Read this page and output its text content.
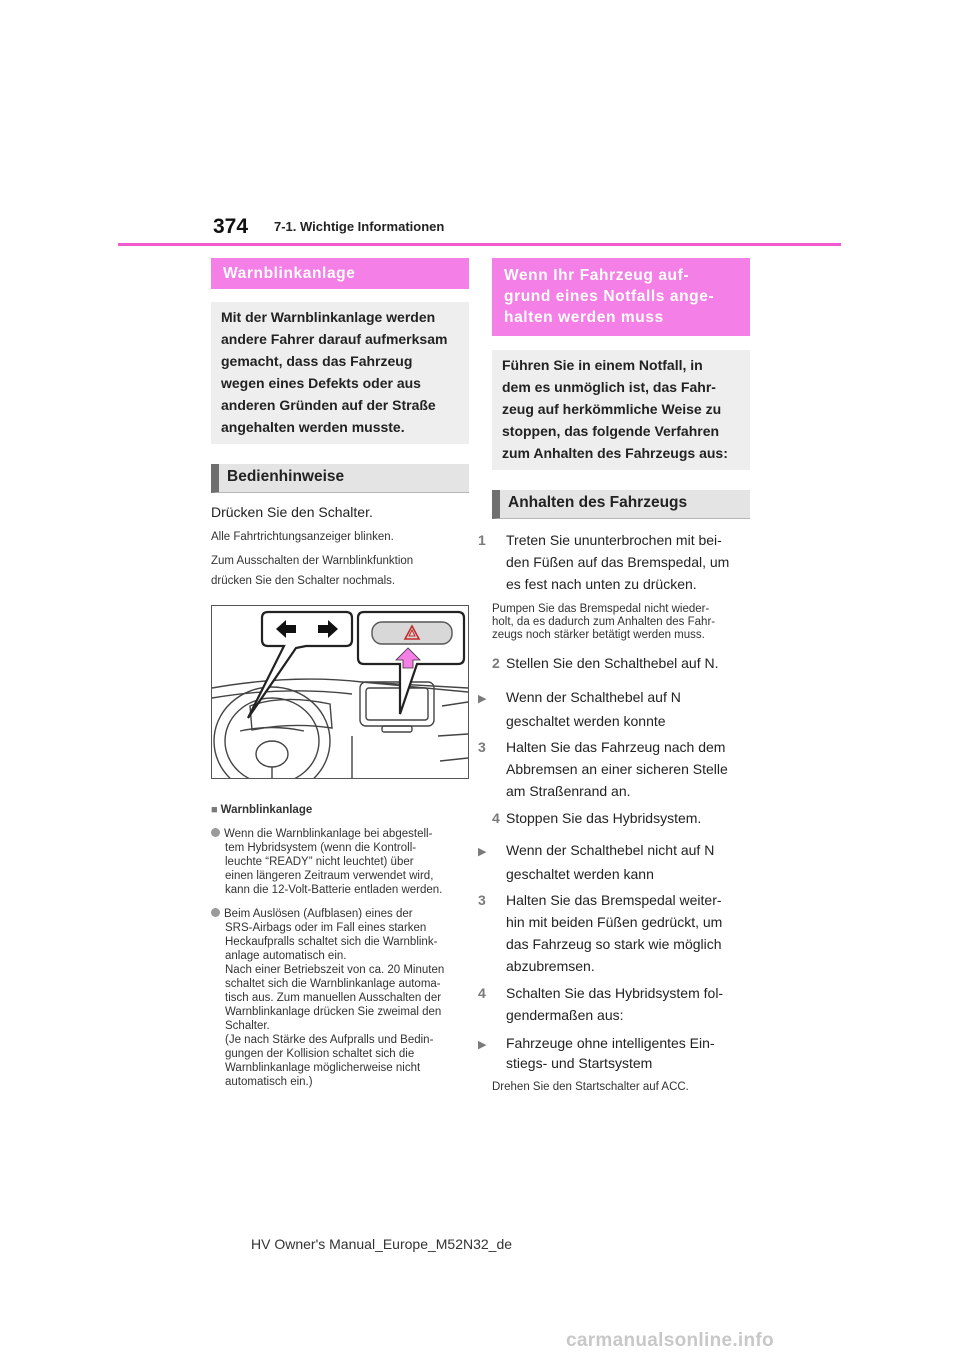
374 7-1. Wichtige Informationen
Warnblinkanlage
Mit der Warnblinkanlage werden
andere Fahrer darauf aufmerksam
gemacht, dass das Fahrzeug
wegen eines Defekts oder aus
anderen Gründen auf der Straße
angehalten werden musste.
Bedienhinweise

Drücken Sie den Schalter.

Alle Fahrtrichtungsanzeiger blinken.

Zum Ausschalten der Warnblinkfunktion

drücken Sie den Schalter nochmals.

■ Warnblinkanlage

Wenn die Warnblinkanlage bei abgestell-
tem Hybridsystem (wenn die Kontroll-
leuchte “READY” nicht leuchtet) über
einen längeren Zeitraum verwendet wird,
kann die 12-Volt-Batterie entladen werden.
Beim Auslösen (Aufblasen) eines der
SRS-Airbags oder im Fall eines starken
Heckaufpralls schaltet sich die Warnblink-
anlage automatisch ein.
Nach einer Betriebszeit von ca. 20 Minuten
schaltet sich die Warnblinkanlage automa-
tisch aus. Zum manuellen Ausschalten der
Warnblinkanlage drücken Sie zweimal den
Schalter.
(Je nach Stärke des Aufpralls und Bedin-
gungen der Kollision schaltet sich die
Warnblinkanlage möglicherweise nicht
automatisch ein.)
Wenn Ihr Fahrzeug auf-
grund eines Notfalls ange-
halten werden muss
Führen Sie in einem Notfall, in
dem es unmöglich ist, das Fahr-
zeug auf herkömmliche Weise zu
stoppen, das folgende Verfahren
zum Anhalten des Fahrzeugs aus:
Anhalten des Fahrzeugs
1 Treten Sie ununterbrochen mit bei-
den Füßen auf das Bremspedal, um
es fest nach unten zu drücken.
Pumpen Sie das Bremspedal nicht wieder-
holt, da es dadurch zum Anhalten des Fahr-
zeugs noch stärker betätigt werden muss.
2 Stellen Sie den Schalthebel auf N.
▶ Wenn der Schalthebel auf N
geschaltet werden konnte
3 Halten Sie das Fahrzeug nach dem
Abbremsen an einer sicheren Stelle
am Straßenrand an.
4 Stoppen Sie das Hybridsystem.
▶ Wenn der Schalthebel nicht auf N
geschaltet werden kann
3 Halten Sie das Bremspedal weiter-
hin mit beiden Füßen gedrückt, um
das Fahrzeug so stark wie möglich
abzubremsen.
4 Schalten Sie das Hybridsystem fol-
gendermaßen aus:
▶ Fahrzeuge ohne intelligentes Ein-
stiegs- und Startsystem

Drehen Sie den Startschalter auf ACC.

HV Owner's Manual_Europe_M52N32_de
carmanualsonline.info
